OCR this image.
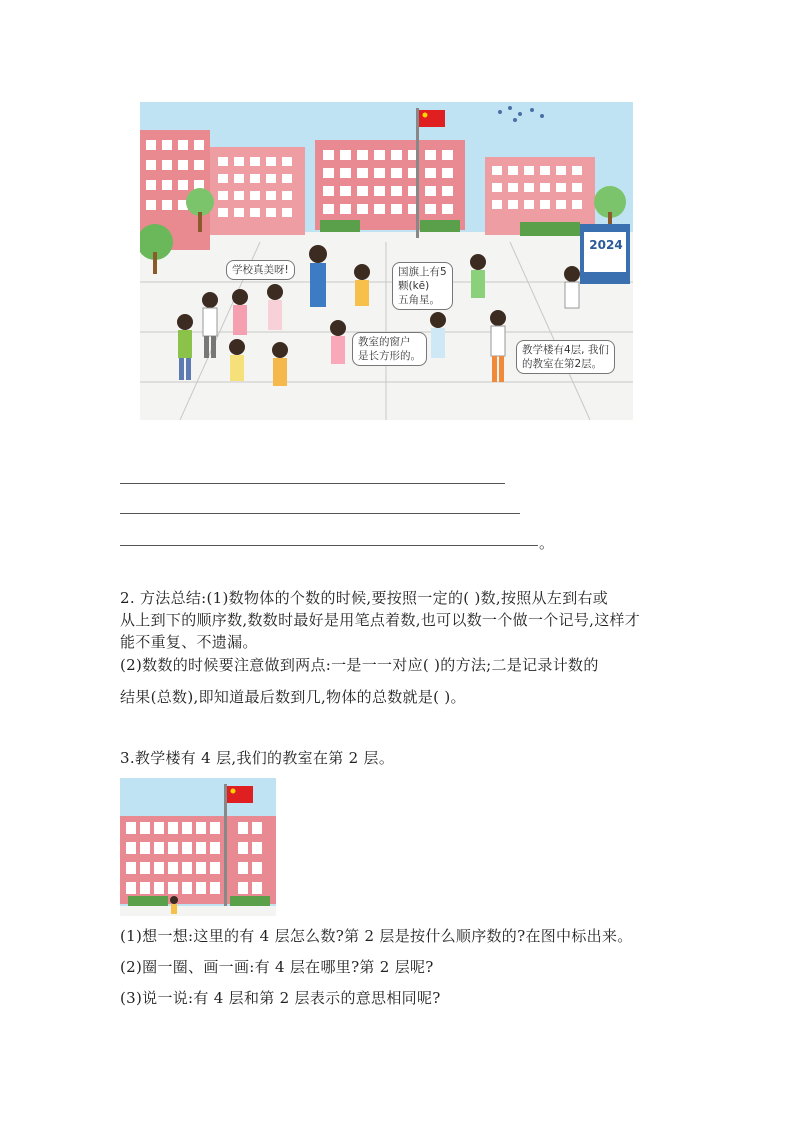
学校真美呀!	国旗上有5
颗(kē)
五角星。
教室的窗户
是长方形的。	教学楼有4层, 我们
的教室在第2层。
2024
。
2. 方法总结:(1)数物体的个数的时候,要按照一定的( )数,按照从左到右或
从上到下的顺序数,数数时最好是用笔点着数,也可以数一个做一个记号,这样才
能不重复、不遗漏。
(2)数数的时候要注意做到两点:一是一一对应( )的方法;二是记录计数的
结果(总数),即知道最后数到几,物体的总数就是( )。
3.教学楼有 4 层,我们的教室在第 2 层。
(1)想一想:这里的有 4 层怎么数?第 2 层是按什么顺序数的?在图中标出来。
(2)圈一圈、画一画:有 4 层在哪里?第 2 层呢?
(3)说一说:有 4 层和第 2 层表示的意思相同呢?
